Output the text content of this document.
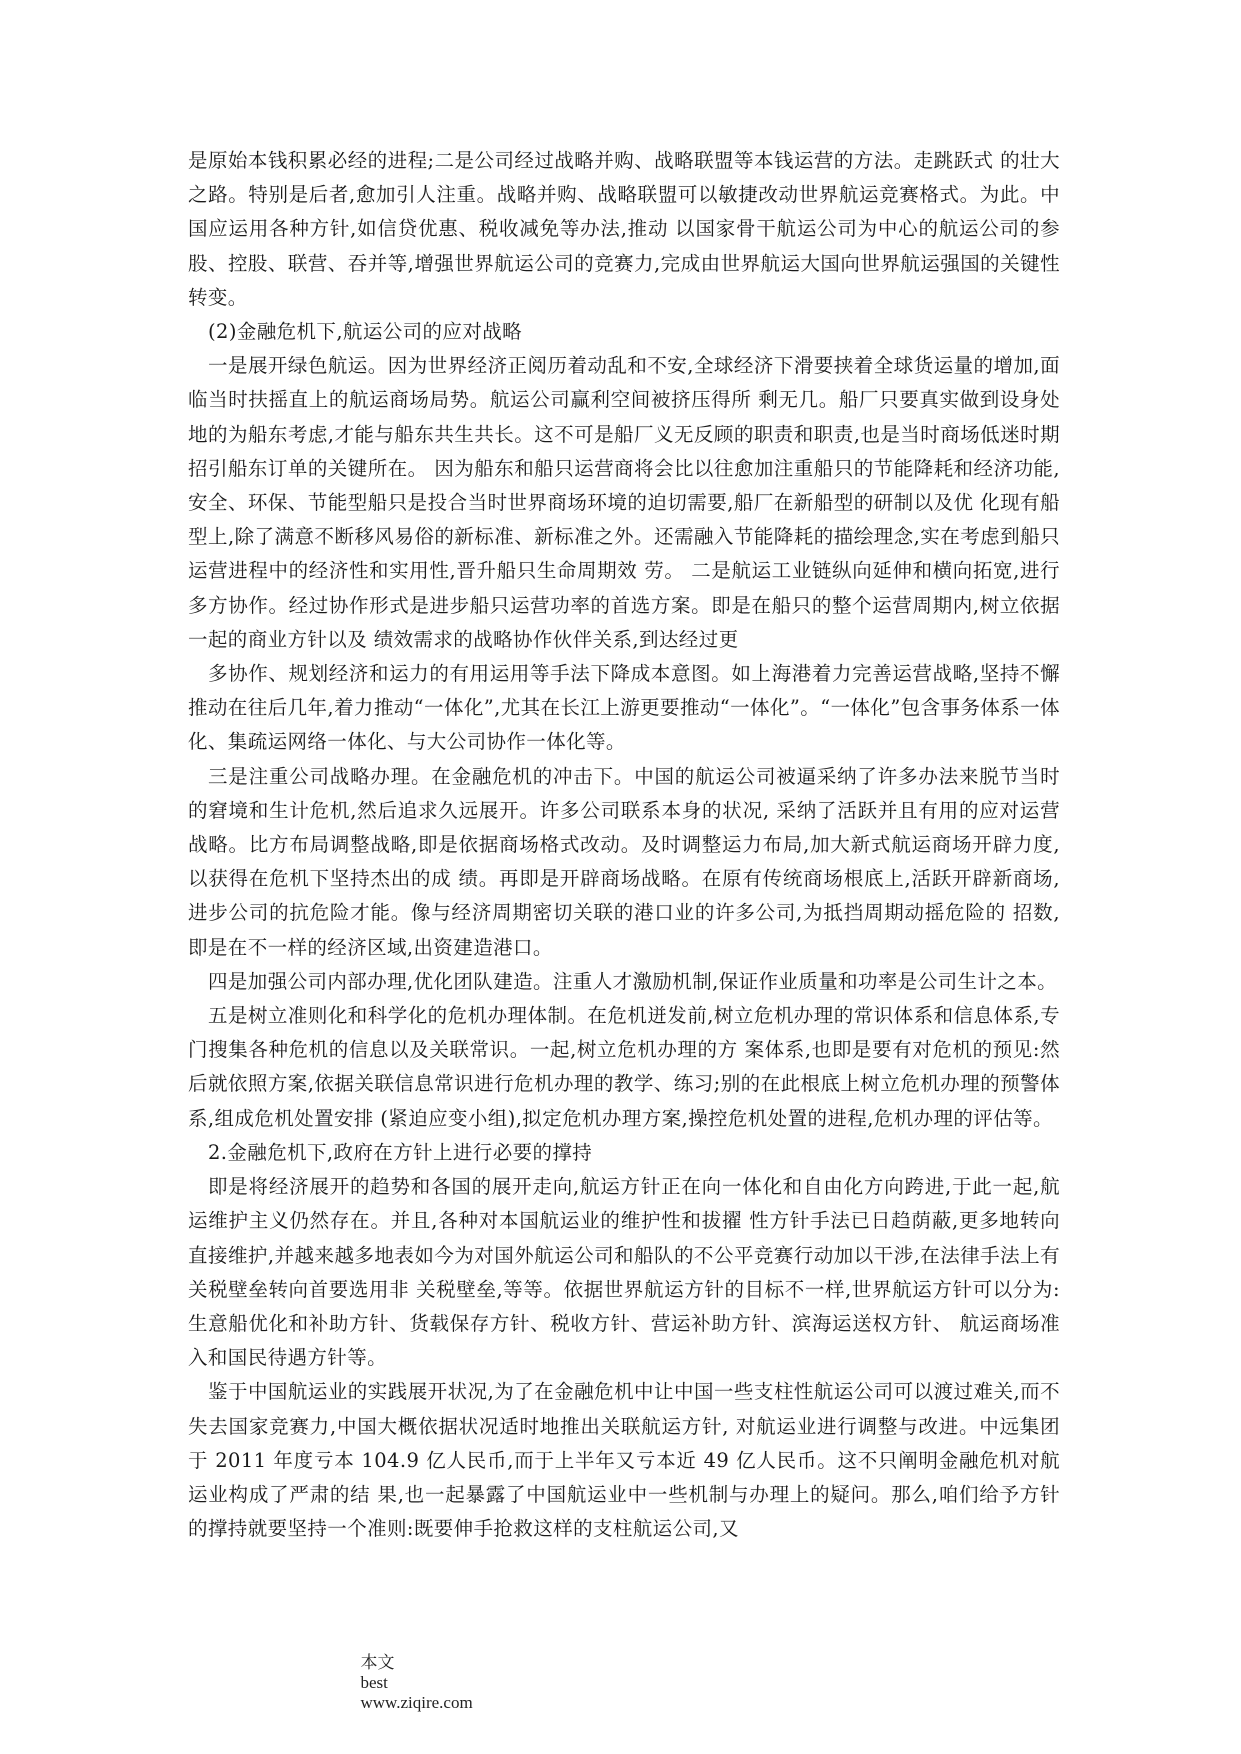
是原始本钱积累必经的进程;二是公司经过战略并购、战略联盟等本钱运营的方法。走跳跃式 的壮大之路。特别是后者,愈加引人注重。战略并购、战略联盟可以敏捷改动世界航运竞赛格式。为此。中国应运用各种方针,如信贷优惠、税收减免等办法,推动 以国家骨干航运公司为中心的航运公司的参股、控股、联营、吞并等,增强世界航运公司的竞赛力,完成由世界航运大国向世界航运强国的关键性转变。

(2)金融危机下,航运公司的应对战略

一是展开绿色航运。因为世界经济正阅历着动乱和不安,全球经济下滑要挟着全球货运量的增加,面临当时扶摇直上的航运商场局势。航运公司赢利空间被挤压得所 剩无几。船厂只要真实做到设身处地的为船东考虑,才能与船东共生共长。这不可是船厂义无反顾的职责和职责,也是当时商场低迷时期招引船东订单的关键所在。 因为船东和船只运营商将会比以往愈加注重船只的节能降耗和经济功能,安全、环保、节能型船只是投合当时世界商场环境的迫切需要,船厂在新船型的研制以及优 化现有船型上,除了满意不断移风易俗的新标准、新标准之外。还需融入节能降耗的描绘理念,实在考虑到船只运营进程中的经济性和实用性,晋升船只生命周期效 劳。 二是航运工业链纵向延伸和横向拓宽,进行多方协作。经过协作形式是进步船只运营功率的首选方案。即是在船只的整个运营周期内,树立依据一起的商业方针以及 绩效需求的战略协作伙伴关系,到达经过更

多协作、规划经济和运力的有用运用等手法下降成本意图。如上海港着力完善运营战略,坚持不懈推动在往后几年,着力推动“一体化”,尤其在长江上游更要推动“一体化”。“一体化”包含事务体系一体化、集疏运网络一体化、与大公司协作一体化等。

三是注重公司战略办理。在金融危机的冲击下。中国的航运公司被逼采纳了许多办法来脱节当时的窘境和生计危机,然后追求久远展开。许多公司联系本身的状况, 采纳了活跃并且有用的应对运营战略。比方布局调整战略,即是依据商场格式改动。及时调整运力布局,加大新式航运商场开辟力度,以获得在危机下坚持杰出的成 绩。再即是开辟商场战略。在原有传统商场根底上,活跃开辟新商场,进步公司的抗危险才能。像与经济周期密切关联的港口业的许多公司,为抵挡周期动摇危险的 招数,即是在不一样的经济区域,出资建造港口。

四是加强公司内部办理,优化团队建造。注重人才激励机制,保证作业质量和功率是公司生计之本。

五是树立准则化和科学化的危机办理体制。在危机迸发前,树立危机办理的常识体系和信息体系,专门搜集各种危机的信息以及关联常识。一起,树立危机办理的方 案体系,也即是要有对危机的预见:然后就依照方案,依据关联信息常识进行危机办理的教学、练习;别的在此根底上树立危机办理的预警体系,组成危机处置安排 (紧迫应变小组),拟定危机办理方案,操控危机处置的进程,危机办理的评估等。

2.金融危机下,政府在方针上进行必要的撑持

即是将经济展开的趋势和各国的展开走向,航运方针正在向一体化和自由化方向跨进,于此一起,航运维护主义仍然存在。并且,各种对本国航运业的维护性和拔擢 性方针手法已日趋荫蔽,更多地转向直接维护,并越来越多地表如今为对国外航运公司和船队的不公平竞赛行动加以干涉,在法律手法上有关税壁垒转向首要选用非 关税壁垒,等等。依据世界航运方针的目标不一样,世界航运方针可以分为:生意船优化和补助方针、货载保存方针、税收方针、营运补助方针、滨海运送权方针、 航运商场准入和国民待遇方针等。

鉴于中国航运业的实践展开状况,为了在金融危机中让中国一些支柱性航运公司可以渡过难关,而不失去国家竞赛力,中国大概依据状况适时地推出关联航运方针, 对航运业进行调整与改进。中远集团于 2011 年度亏本 104.9 亿人民币,而于上半年又亏本近 49 亿人民币。这不只阐明金融危机对航运业构成了严肃的结 果,也一起暴露了中国航运业中一些机制与办理上的疑问。那么,咱们给予方针的撑持就要坚持一个准则:既要伸手抢救这样的支柱航运公司,又

本文
best
www.ziqire.com
